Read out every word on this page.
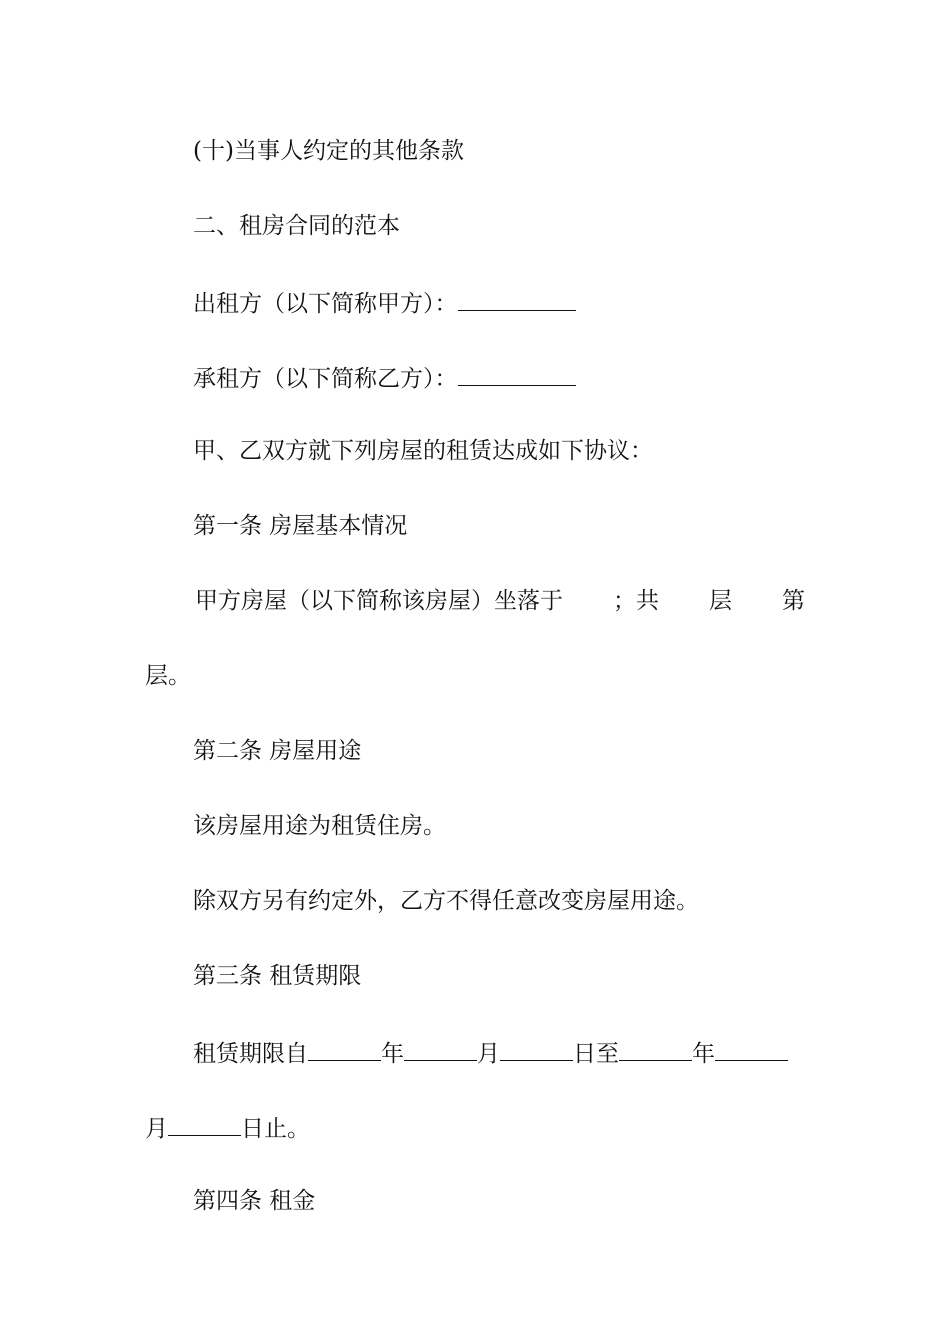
(十)当事人约定的其他条款
二、租房合同的范本
出租方（以下简称甲方）：
承租方（以下简称乙方）：
甲、乙双方就下列房屋的租赁达成如下协议：
第一条 房屋基本情况
甲方房屋（以下简称该房屋）坐落于 ；共 层 第
层。
第二条 房屋用途
该房屋用途为租赁住房。
除双方另有约定外，乙方不得任意改变房屋用途。
第三条 租赁期限
租赁期限自	年	月	日至	年
月	日止。
第四条 租金
